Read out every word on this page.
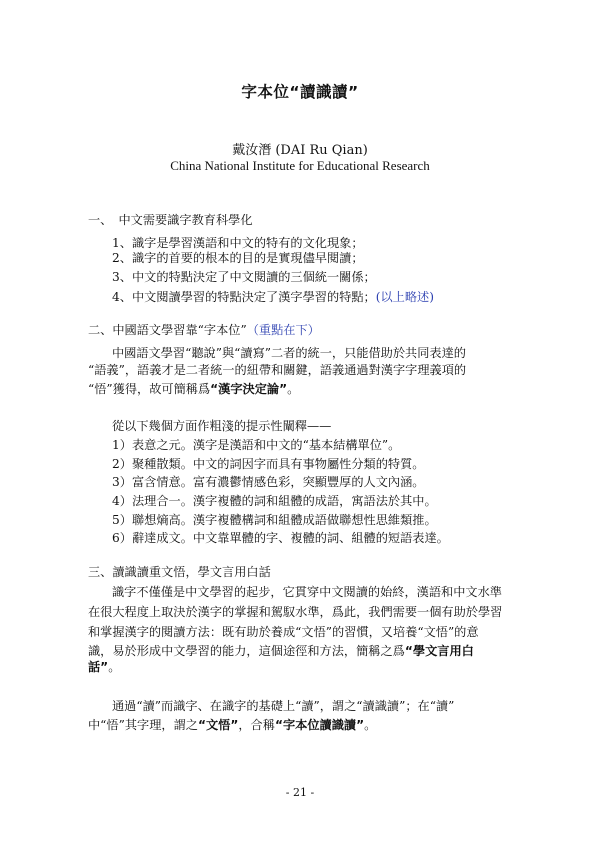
字本位“讀識讀”
戴汝潛 (DAI Ru Qian)
China National Institute for Educational Research
一、　中文需要識字教育科學化
1、識字是學習漢語和中文的特有的文化現象；
2、識字的首要的根本的目的是實現儘早閱讀；
3、中文的特點決定了中文閱讀的三個統一關係；
4、中文閱讀學習的特點決定了漢字學習的特點；(以上略述)
二、中國語文學習靠“字本位”（重點在下）
中國語文學習“聽說”與“讀寫”二者的統一，只能借助於共同表達的
“語義”，語義才是二者統一的紐帶和關鍵，語義通過對漢字字理義項的
“悟”獲得，故可簡稱爲“漢字決定論”。
從以下幾個方面作粗淺的提示性闡釋——
1）表意之元。漢字是漢語和中文的“基本結構單位”。
2）聚種散類。中文的詞因字而具有事物屬性分類的特質。
3）富含情意。富有濃鬱情感色彩，突顯豐厚的人文內涵。
4）法理合一。漢字複體的詞和組體的成語，寓語法於其中。
5）聯想熵高。漢字複體構詞和組體成語做聯想性思維類推。
6）辭達成文。中文靠單體的字、複體的詞、組體的短語表達。
三、讀識讀重文悟，學文言用白話
識字不僅僅是中文學習的起步，它貫穿中文閱讀的始終，漢語和中文水準
在很大程度上取決於漢字的掌握和駕馭水準，爲此，我們需要一個有助於學習
和掌握漢字的閱讀方法：既有助於養成“文悟”的習慣，又培養“文悟”的意
識，易於形成中文學習的能力，這個途徑和方法，簡稱之爲“學文言用白
話”。
通過“讀”而識字、在識字的基礎上“讀”，謂之“讀識讀”；在“讀”
中“悟”其字理，謂之“文悟”，合稱“字本位讀識讀”。
- 21 -
